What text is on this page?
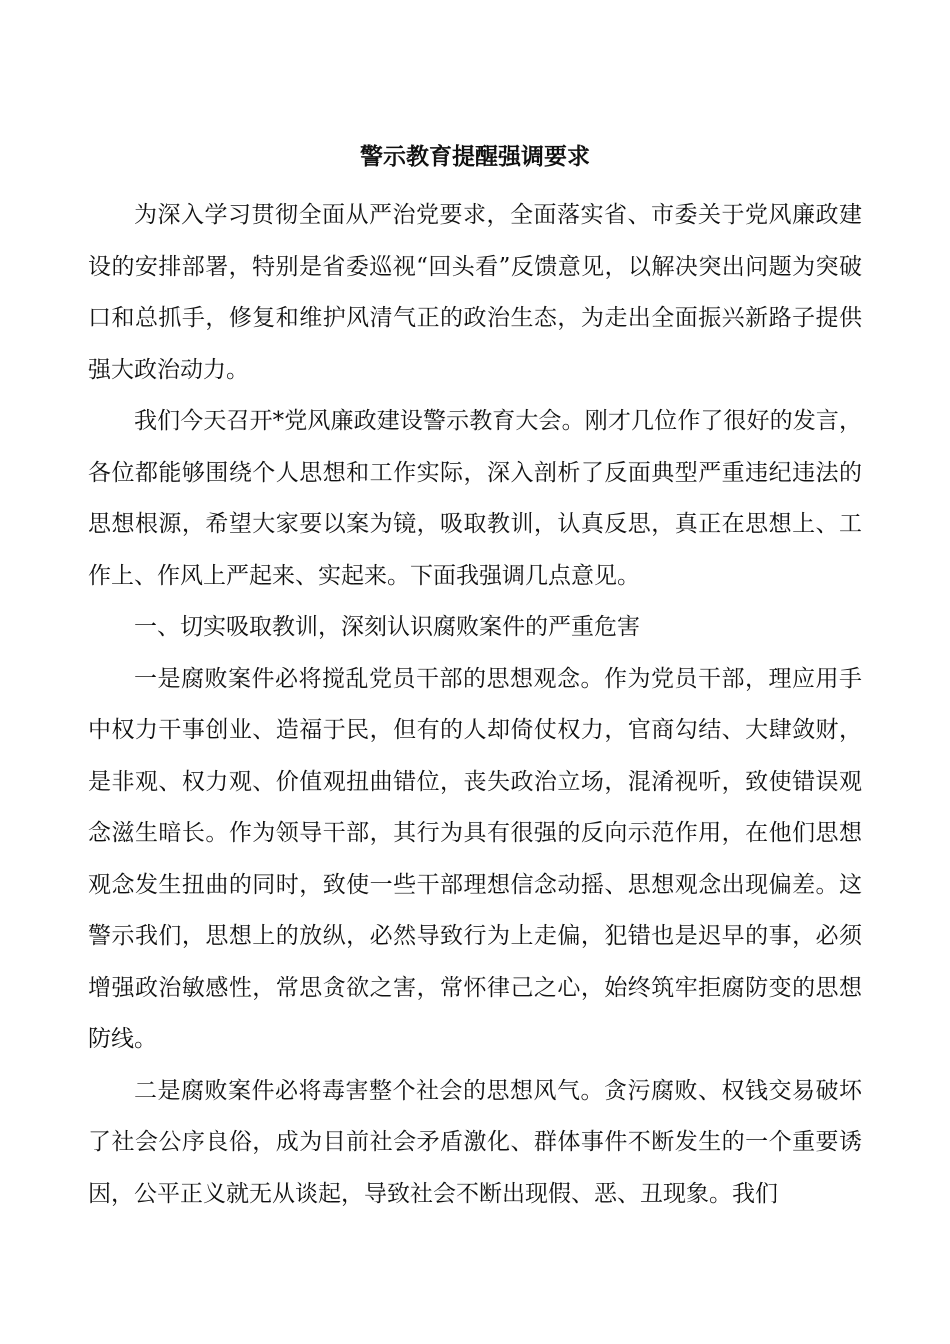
警示教育提醒强调要求

为深入学习贯彻全面从严治党要求，全面落实省、市委关于党风廉政建设的安排部署，特别是省委巡视“回头看”反馈意见，以解决突出问题为突破口和总抓手，修复和维护风清气正的政治生态，为走出全面振兴新路子提供强大政治动力。

我们今天召开*党风廉政建设警示教育大会。刚才几位作了很好的发言，各位都能够围绕个人思想和工作实际，深入剖析了反面典型严重违纪违法的思想根源，希望大家要以案为镜，吸取教训，认真反思，真正在思想上、工作上、作风上严起来、实起来。下面我强调几点意见。

一、切实吸取教训，深刻认识腐败案件的严重危害

一是腐败案件必将搅乱党员干部的思想观念。作为党员干部，理应用手中权力干事创业、造福于民，但有的人却倚仗权力，官商勾结、大肆敛财，是非观、权力观、价值观扭曲错位，丧失政治立场，混淆视听，致使错误观念滋生暗长。作为领导干部，其行为具有很强的反向示范作用，在他们思想观念发生扭曲的同时，致使一些干部理想信念动摇、思想观念出现偏差。这警示我们，思想上的放纵，必然导致行为上走偏，犯错也是迟早的事，必须增强政治敏感性，常思贪欲之害，常怀律己之心，始终筑牢拒腐防变的思想防线。

二是腐败案件必将毒害整个社会的思想风气。贪污腐败、权钱交易破坏了社会公序良俗，成为目前社会矛盾激化、群体事件不断发生的一个重要诱因，公平正义就无从谈起，导致社会不断出现假、恶、丑现象。我们
